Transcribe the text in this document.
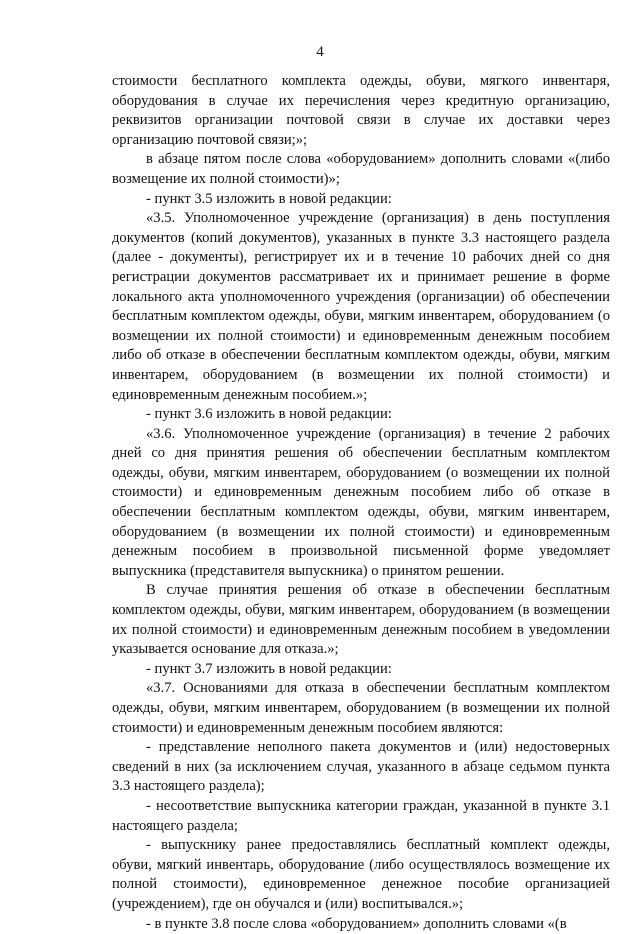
4

стоимости бесплатного комплекта одежды, обуви, мягкого инвентаря, оборудования в случае их перечисления через кредитную организацию, реквизитов организации почтовой связи в случае их доставки через организацию почтовой связи;»;

в абзаце пятом после слова «оборудованием» дополнить словами «(либо возмещение их полной стоимости)»;

- пункт 3.5 изложить в новой редакции:

«3.5. Уполномоченное учреждение (организация) в день поступления документов (копий документов), указанных в пункте 3.3 настоящего раздела (далее - документы), регистрирует их и в течение 10 рабочих дней со дня регистрации документов рассматривает их и принимает решение в форме локального акта уполномоченного учреждения (организации) об обеспечении бесплатным комплектом одежды, обуви, мягким инвентарем, оборудованием (о возмещении их полной стоимости) и единовременным денежным пособием либо об отказе в обеспечении бесплатным комплектом одежды, обуви, мягким инвентарем, оборудованием (в возмещении их полной стоимости) и единовременным денежным пособием.»;

- пункт 3.6 изложить в новой редакции:

«3.6. Уполномоченное учреждение (организация) в течение 2 рабочих дней со дня принятия решения об обеспечении бесплатным комплектом одежды, обуви, мягким инвентарем, оборудованием (о возмещении их полной стоимости) и единовременным денежным пособием либо об отказе в обеспечении бесплатным комплектом одежды, обуви, мягким инвентарем, оборудованием (в возмещении их полной стоимости) и единовременным денежным пособием в произвольной письменной форме уведомляет выпускника (представителя выпускника) о принятом решении.

В случае принятия решения об отказе в обеспечении бесплатным комплектом одежды, обуви, мягким инвентарем, оборудованием (в возмещении их полной стоимости) и единовременным денежным пособием в уведомлении указывается основание для отказа.»;

- пункт 3.7 изложить в новой редакции:

«3.7. Основаниями для отказа в обеспечении бесплатным комплектом одежды, обуви, мягким инвентарем, оборудованием (в возмещении их полной стоимости) и единовременным денежным пособием являются:

- представление неполного пакета документов и (или) недостоверных сведений в них (за исключением случая, указанного в абзаце седьмом пункта 3.3 настоящего раздела);

- несоответствие выпускника категории граждан, указанной в пункте 3.1 настоящего раздела;

- выпускнику ранее предоставлялись бесплатный комплект одежды, обуви, мягкий инвентарь, оборудование (либо осуществлялось возмещение их полной стоимости), единовременное денежное пособие организацией (учреждением), где он обучался и (или) воспитывался.»;

- в пункте 3.8 после слова «оборудованием» дополнить словами «(в
